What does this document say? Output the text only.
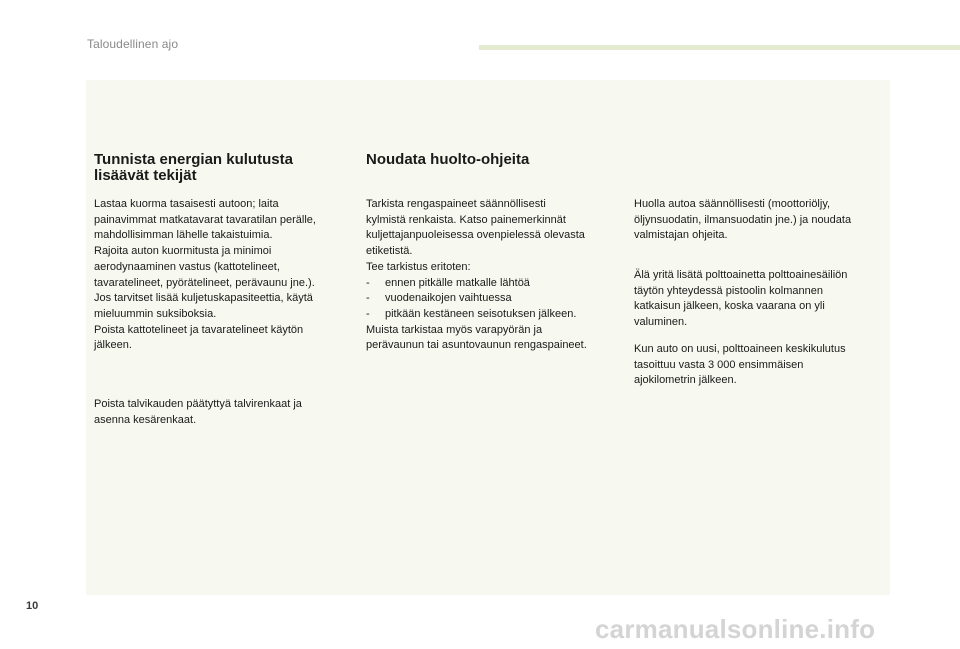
Taloudellinen ajo
Tunnista energian kulutusta
lisäävät tekijät
Lastaa kuorma tasaisesti autoon; laita
painavimmat matkatavarat tavaratilan perälle,
mahdollisimman lähelle takaistuimia.
Rajoita auton kuormitusta ja minimoi
aerodynaaminen vastus (kattotelineet,
tavaratelineet, pyörätelineet, perävaunu jne.).
Jos tarvitset lisää kuljetuskapasiteettia, käytä
mieluummin suksiboksia.
Poista kattotelineet ja tavaratelineet käytön
jälkeen.
Poista talvikauden päätyttyä talvirenkaat ja
asenna kesärenkaat.
Noudata huolto-ohjeita
Tarkista rengaspaineet säännöllisesti
kylmistä renkaista. Katso painemerkinnät
kuljettajanpuoleisessa ovenpielessä olevasta
etiketistä.
Tee tarkistus eritoten:
- ennen pitkälle matkalle lähtöä
- vuodenaikojen vaihtuessa
- pitkään kestäneen seisotuksen jälkeen.
Muista tarkistaa myös varapyörän ja
perävaunun tai asuntovaunun rengaspaineet.
Huolla autoa säännöllisesti (moottoriöljy,
öljynsuodatin, ilmansuodatin jne.) ja noudata
valmistajan ohjeita.
Älä yritä lisätä polttoainetta polttoainesäiliön
täytön yhteydessä pistoolin kolmannen
katkaisun jälkeen, koska vaarana on yli
valuminen.
Kun auto on uusi, polttoaineen keskikulutus
tasoittuu vasta 3 000 ensimmäisen
ajokilometrin jälkeen.
10
carmanualsonline.info
